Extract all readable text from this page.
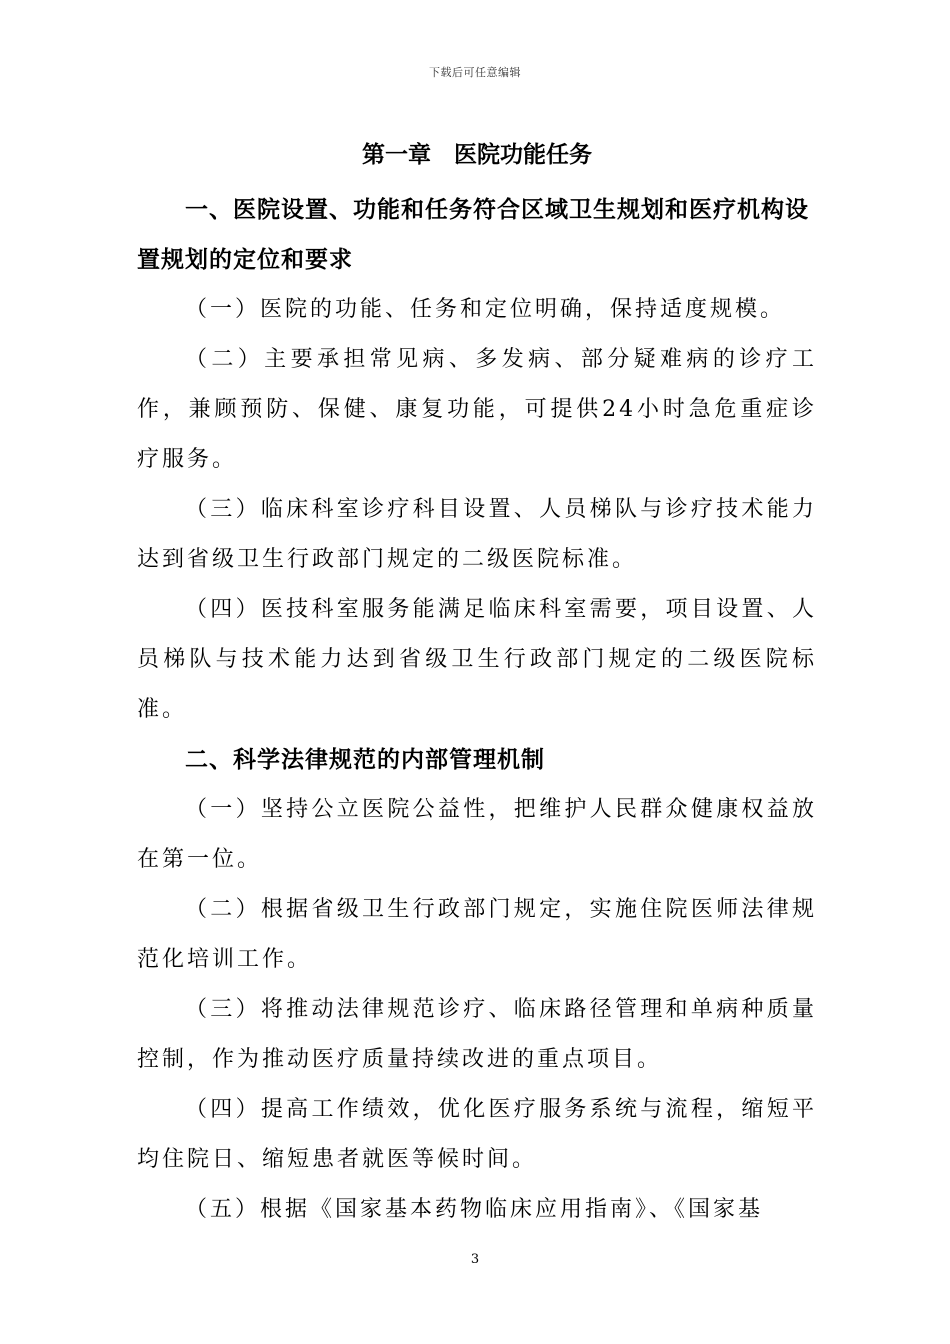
下载后可任意编辑
第一章　医院功能任务
一、医院设置、功能和任务符合区域卫生规划和医疗机构设置规划的定位和要求

（一）医院的功能、任务和定位明确，保持适度规模。

（二）主要承担常见病、多发病、部分疑难病的诊疗工作，兼顾预防、保健、康复功能，可提供24小时急危重症诊疗服务。

（三）临床科室诊疗科目设置、人员梯队与诊疗技术能力达到省级卫生行政部门规定的二级医院标准。

（四）医技科室服务能满足临床科室需要，项目设置、人员梯队与技术能力达到省级卫生行政部门规定的二级医院标准。

二、科学法律规范的内部管理机制

（一）坚持公立医院公益性，把维护人民群众健康权益放在第一位。

（二）根据省级卫生行政部门规定，实施住院医师法律规范化培训工作。

（三）将推动法律规范诊疗、临床路径管理和单病种质量控制，作为推动医疗质量持续改进的重点项目。

（四）提高工作绩效，优化医疗服务系统与流程，缩短平均住院日、缩短患者就医等候时间。

（五）根据《国家基本药物临床应用指南》、《国家基

3
